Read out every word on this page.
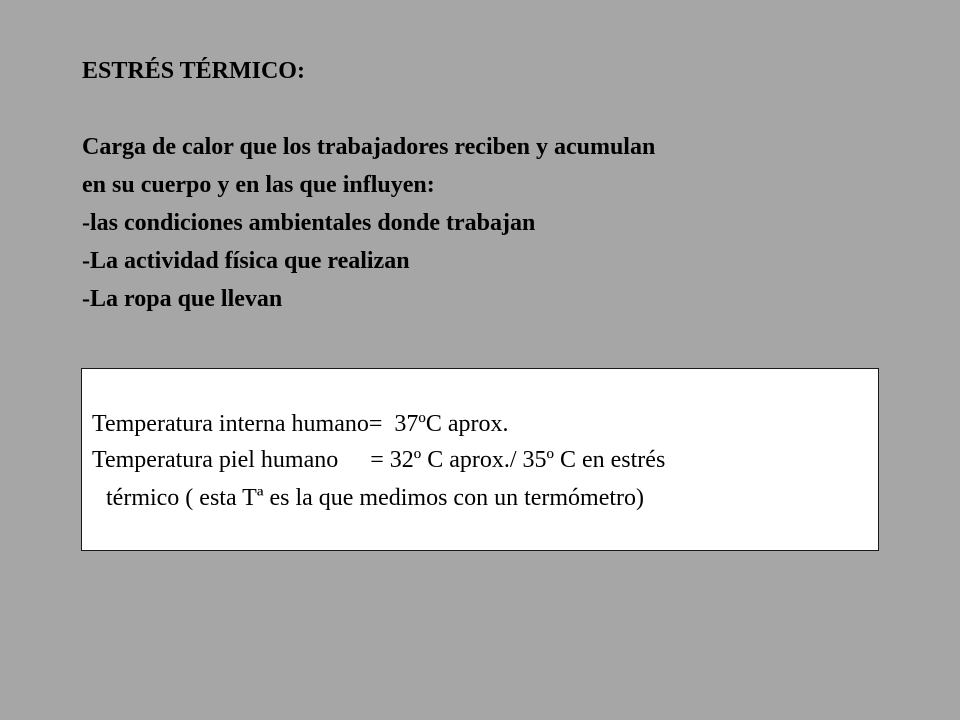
ESTRÉS TÉRMICO:
Carga de calor que los trabajadores reciben y acumulan
en su cuerpo y en las que influyen:
-las condiciones ambientales donde trabajan
-La actividad física que realizan
-La ropa que llevan
Temperatura interna humano= 37ºC aprox.
Temperatura piel humano = 32º C aprox./ 35º C en estrés
térmico ( esta Tª es la que medimos con un termómetro)
